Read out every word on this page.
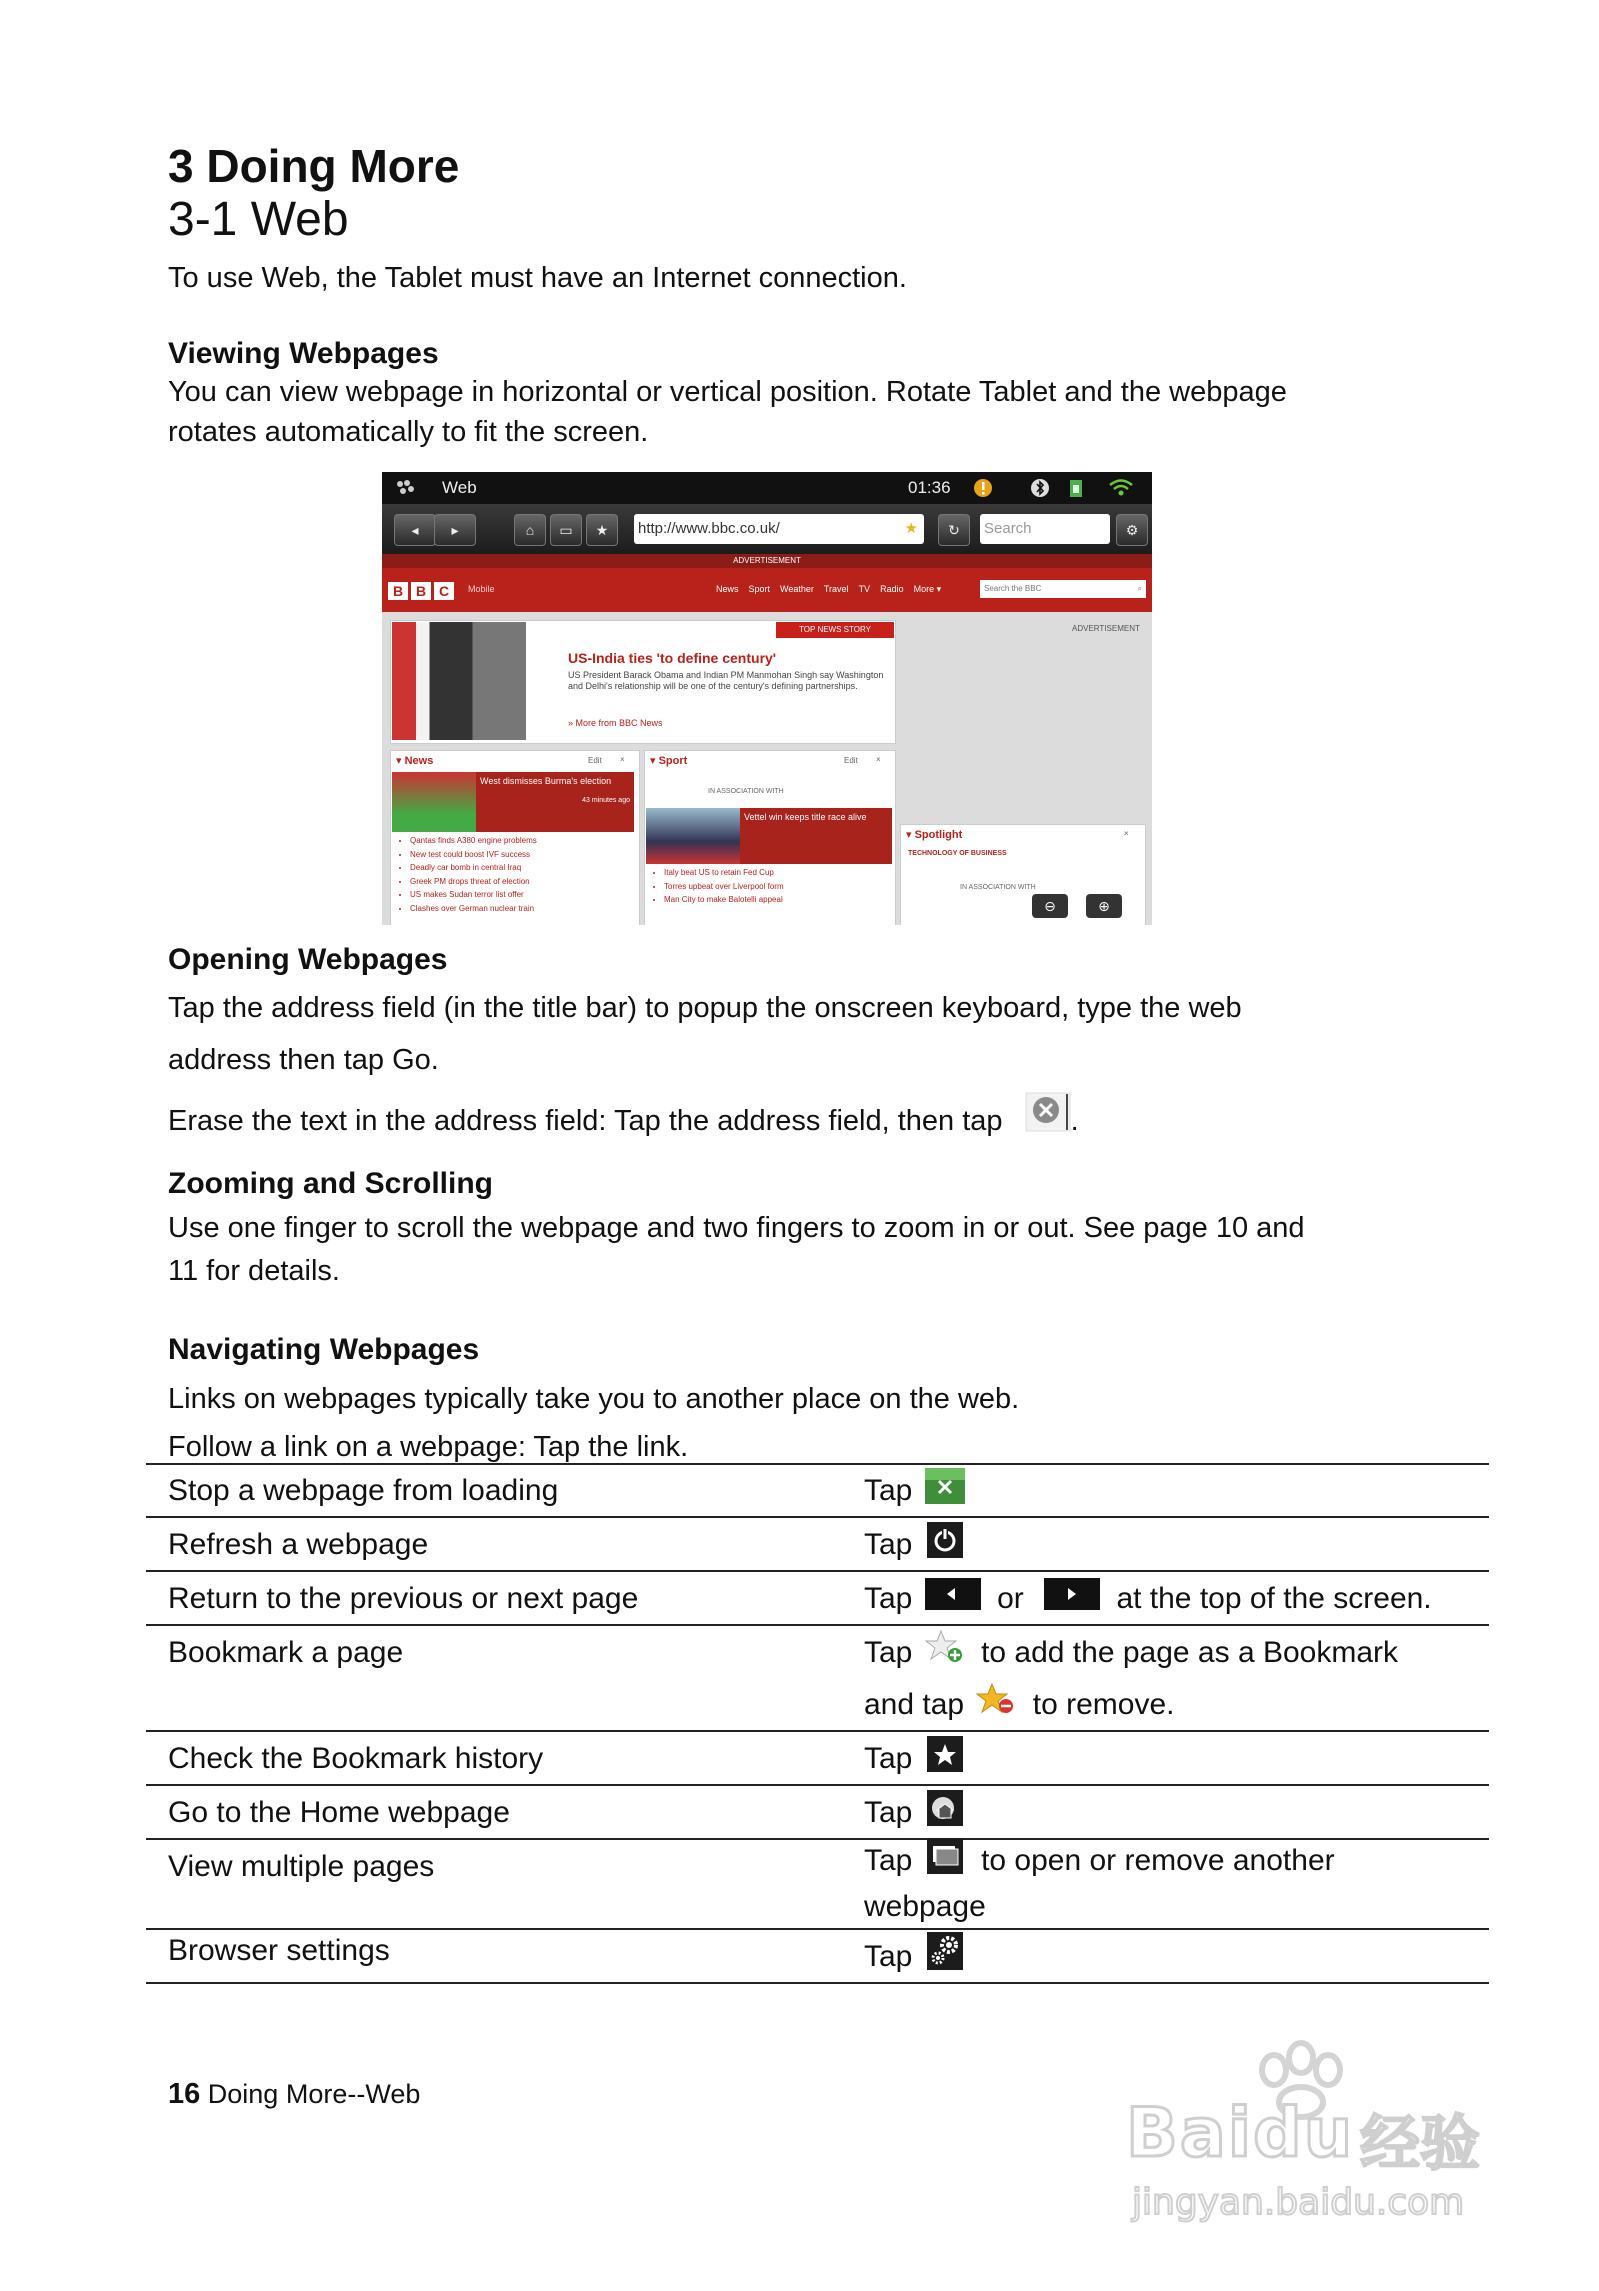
3 Doing More
3-1 Web
To use Web, the Tablet must have an Internet connection.
Viewing Webpages
You can view webpage in horizontal or vertical position. Rotate Tablet and the webpage
rotates automatically to fit the screen.
Web	01:36
◂	▸	⌂	▭	★	http://www.bbc.co.uk/	★	↻	Search	⚙
ADVERTISEMENT
B B C	Mobile	News Sport Weather Travel TV Radio More ▾	Search the BBC	⌕
TOP NEWS STORY
US-India ties 'to define century'
US President Barack Obama and Indian PM Manmohan Singh say Washington and Delhi's relationship will be one of the century's defining partnerships.
» More from BBC News
ADVERTISEMENT
▾ News	Edit ×
West dismisses Burma's election
43 minutes ago
• Qantas finds A380 engine problems
• New test could boost IVF success
• Deadly car bomb in central Iraq
• Greek PM drops threat of election
• US makes Sudan terror list offer
• Clashes over German nuclear train
▾ Sport	Edit ×
IN ASSOCIATION WITH
Vettel win keeps title race alive
• Italy beat US to retain Fed Cup
• Torres upbeat over Liverpool form
• Man City to make Balotelli appeal
▾ Spotlight	×
TECHNOLOGY OF BUSINESS
IN ASSOCIATION WITH
⊖	⊕
Opening Webpages
Tap the address field (in the title bar) to popup the onscreen keyboard, type the web
address then tap Go.
Erase the text in the address field: Tap the address field, then tap .
Zooming and Scrolling
Use one finger to scroll the webpage and two fingers to zoom in or out. See page 10 and
11 for details.
Navigating Webpages
Links on webpages typically take you to another place on the web.
Follow a link on a webpage: Tap the link.
Stop a webpage from loading	Tap
Refresh a webpage	Tap
Return to the previous or next page	Tap	or	at the top of the screen.
Bookmark a page	Tap to add the page as a Bookmark
and tap to remove.
Check the Bookmark history	Tap
Go to the Home webpage	Tap
View multiple pages	Tap to open or remove another
webpage
Browser settings	Tap
16 Doing More--Web	Baidu 经验
jingyan.baidu.com
